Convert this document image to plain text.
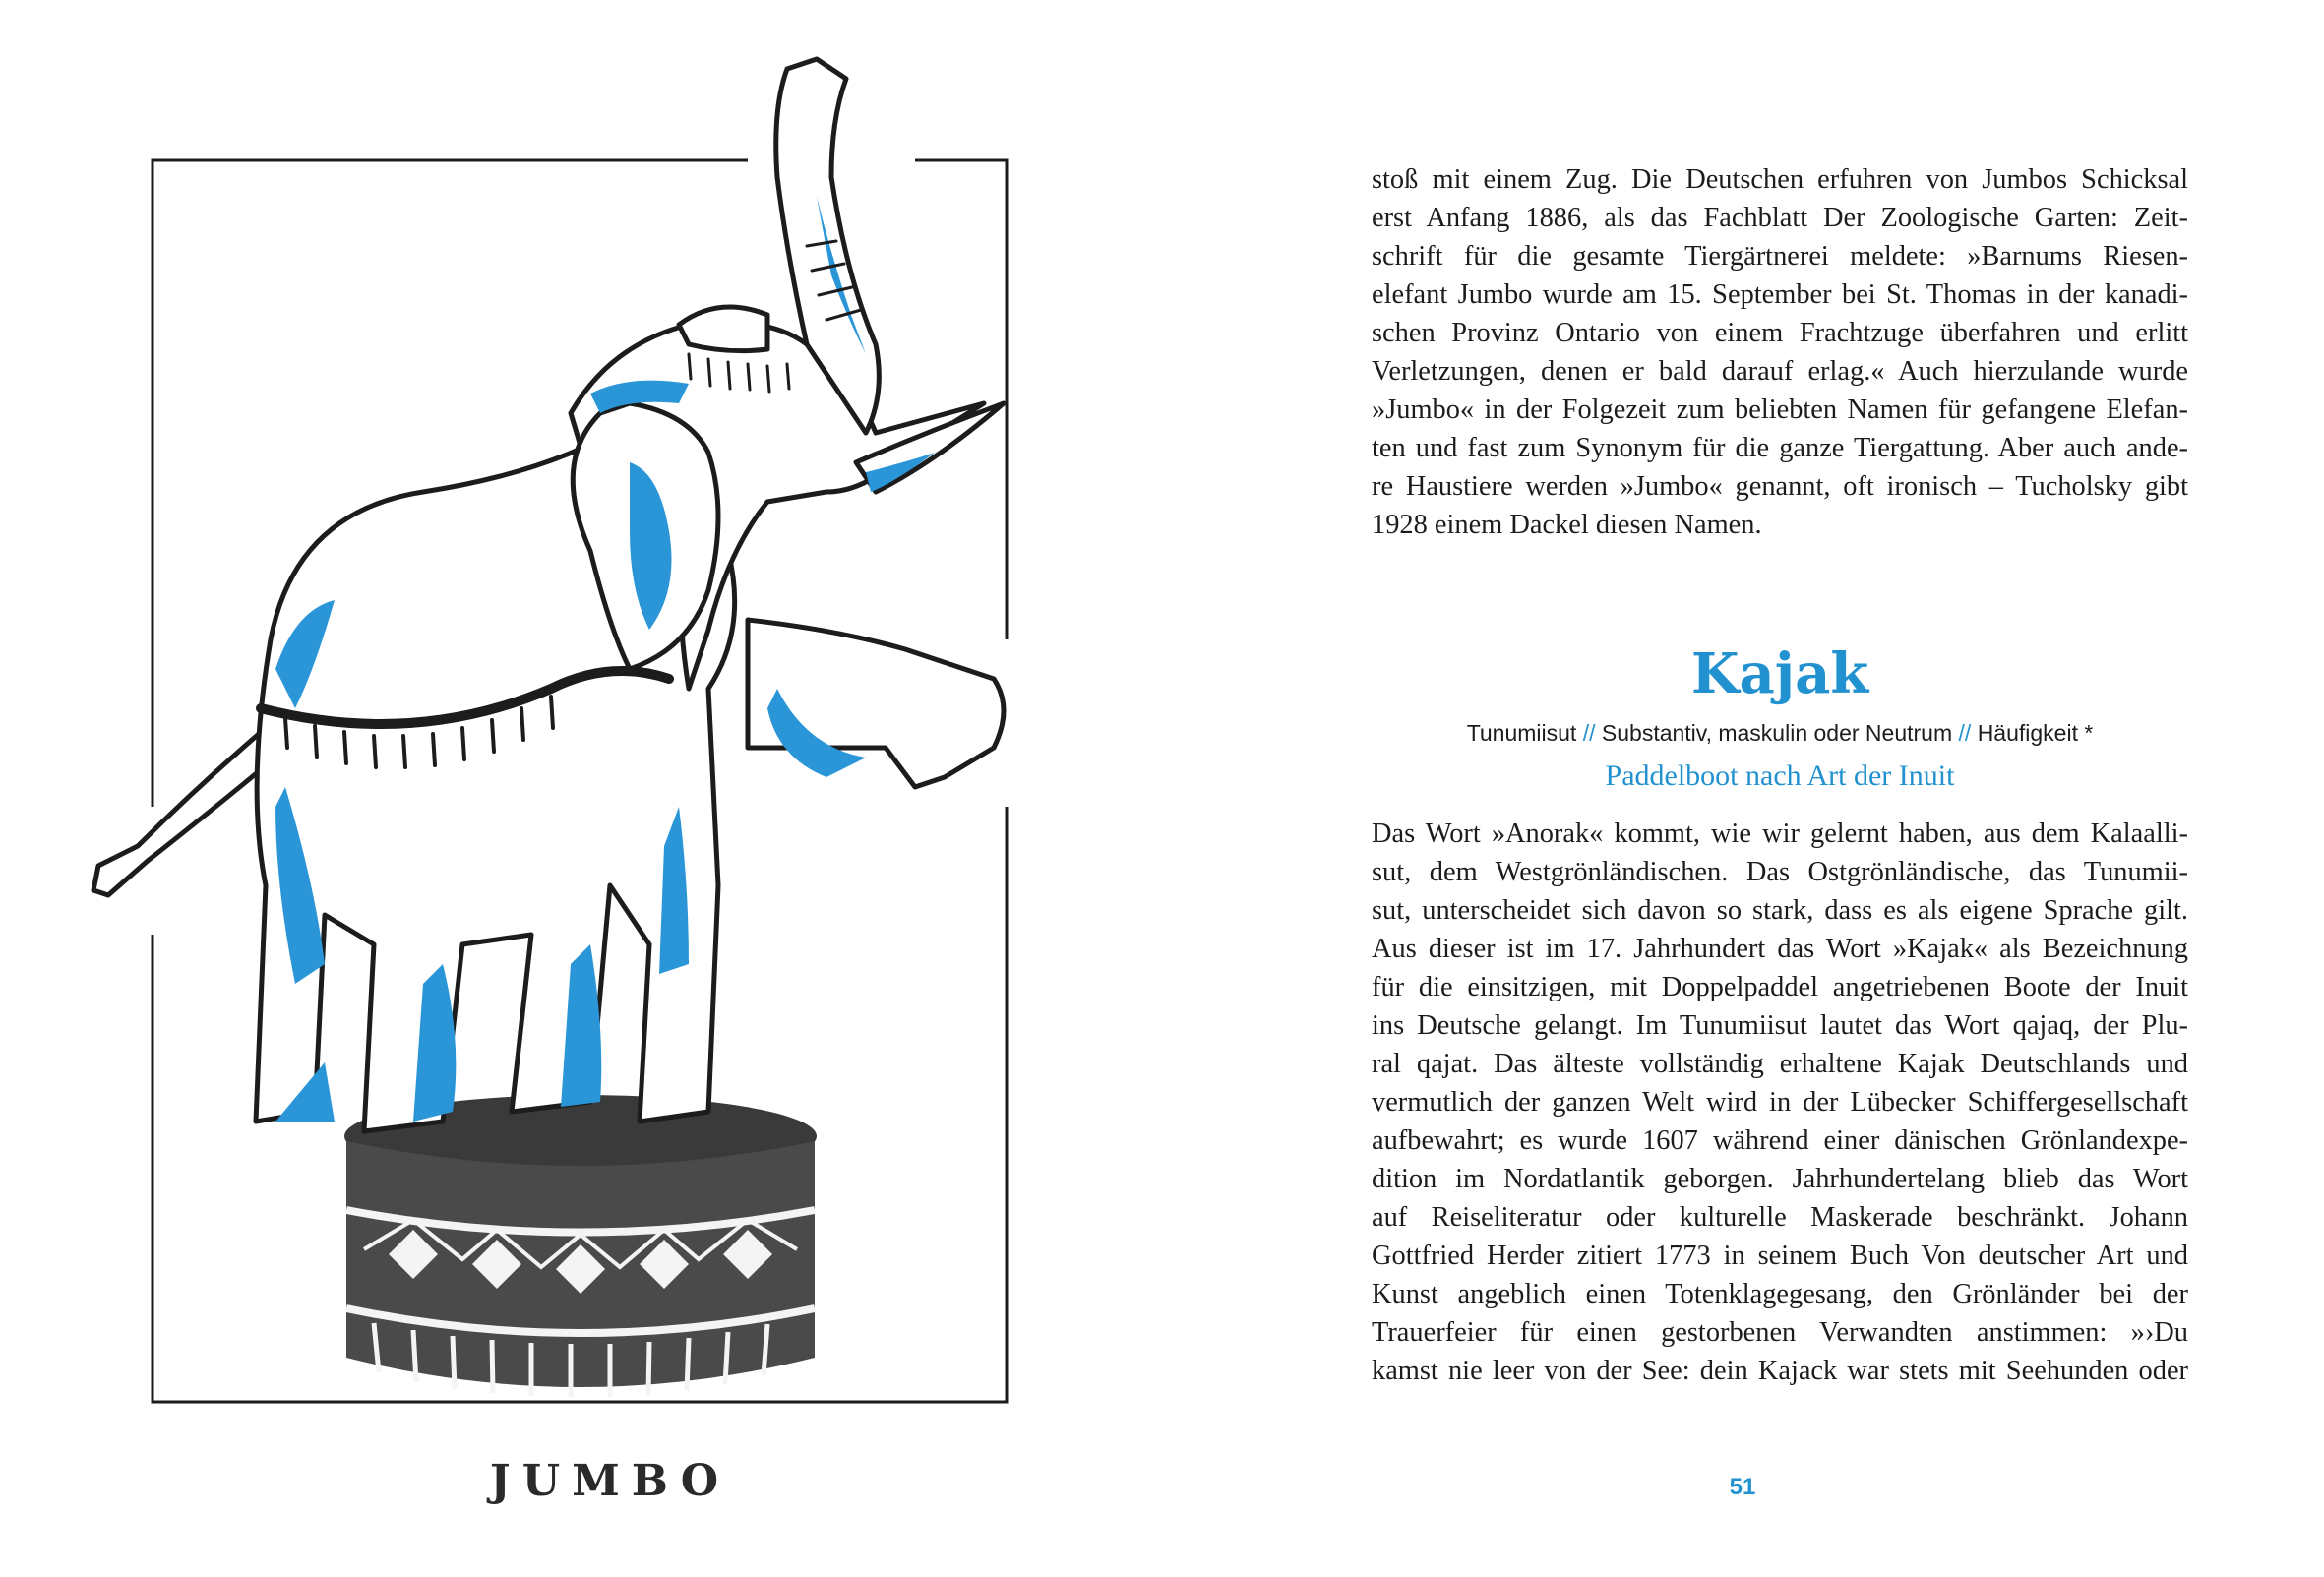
JUMBO
stoß mit einem Zug. Die Deutschen erfuhren von Jumbos Schicksal
erst Anfang 1886, als das Fachblatt Der Zoologische Garten: Zeit-
schrift für die gesamte Tiergärtnerei meldete: »Barnums Riesen-
elefant Jumbo wurde am 15. September bei St. Thomas in der kanadi-
schen Provinz Ontario von einem Frachtzuge überfahren und erlitt
Verletzungen, denen er bald darauf erlag.« Auch hierzulande wurde
»Jumbo« in der Folgezeit zum beliebten Namen für gefangene Elefan-
ten und fast zum Synonym für die ganze Tiergattung. Aber auch ande-
re Haustiere werden »Jumbo« genannt, oft ironisch – Tucholsky gibt
1928 einem Dackel diesen Namen.
Kajak
Tunumiisut // Substantiv, maskulin oder Neutrum // Häufigkeit *
Paddelboot nach Art der Inuit
Das Wort »Anorak« kommt, wie wir gelernt haben, aus dem Kalaalli-
sut, dem Westgrönländischen. Das Ostgrönländische, das Tunumii-
sut, unterscheidet sich davon so stark, dass es als eigene Sprache gilt.
Aus dieser ist im 17. Jahrhundert das Wort »Kajak« als Bezeichnung
für die einsitzigen, mit Doppelpaddel angetriebenen Boote der Inuit
ins Deutsche gelangt. Im Tunumiisut lautet das Wort qajaq, der Plu-
ral qajat. Das älteste vollständig erhaltene Kajak Deutschlands und
vermutlich der ganzen Welt wird in der Lübecker Schiffergesellschaft
aufbewahrt; es wurde 1607 während einer dänischen Grönlandexpe-
dition im Nordatlantik geborgen. Jahrhundertelang blieb das Wort
auf Reiseliteratur oder kulturelle Maskerade beschränkt. Johann
Gottfried Herder zitiert 1773 in seinem Buch Von deutscher Art und
Kunst angeblich einen Totenklagegesang, den Grönländer bei der
Trauerfeier für einen gestorbenen Verwandten anstimmen: »›Du
kamst nie leer von der See: dein Kajack war stets mit Seehunden oder
51
